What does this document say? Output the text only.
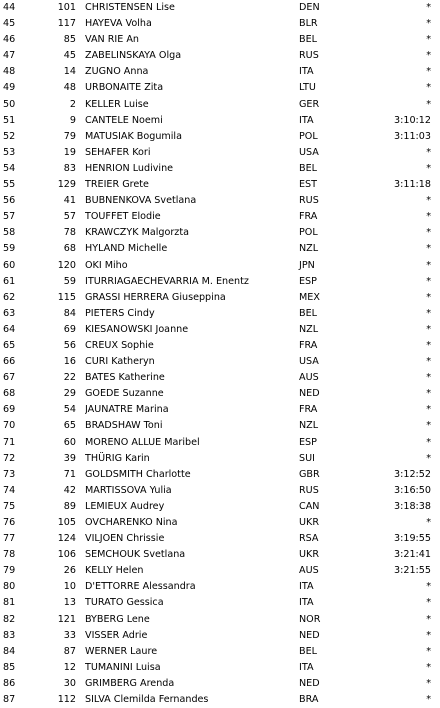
44	101 CHRISTENSEN Lise	DEN	*
45	117 HAYEVA Volha	BLR	*
46	85 VAN RIE An	BEL	*
47	45 ZABELINSKAYA Olga	RUS	*
48	14 ZUGNO Anna	ITA	*
49	48 URBONAITE Zita	LTU	*
50	2 KELLER Luise	GER	*
51	9 CANTELE Noemi	ITA	3:10:12
52	79 MATUSIAK Bogumila	POL	3:11:03
53	19 SEHAFER Kori	USA	*
54	83 HENRION Ludivine	BEL	*
55	129 TREIER Grete	EST	3:11:18
56	41 BUBNENKOVA Svetlana	RUS	*
57	57 TOUFFET Elodie	FRA	*
58	78 KRAWCZYK Malgorzta	POL	*
59	68 HYLAND Michelle	NZL	*
60	120 OKI Miho	JPN	*
61	59 ITURRIAGAECHEVARRIA M. Enentz	ESP	*
62	115 GRASSI HERRERA Giuseppina	MEX	*
63	84 PIETERS Cindy	BEL	*
64	69 KIESANOWSKI Joanne	NZL	*
65	56 CREUX Sophie	FRA	*
66	16 CURI Katheryn	USA	*
67	22 BATES Katherine	AUS	*
68	29 GOEDE Suzanne	NED	*
69	54 JAUNATRE Marina	FRA	*
70	65 BRADSHAW Toni	NZL	*
71	60 MORENO ALLUE Maribel	ESP	*
72	39 THÜRIG Karin	SUI	*
73	71 GOLDSMITH Charlotte	GBR	3:12:52
74	42 MARTISSOVA Yulia	RUS	3:16:50
75	89 LEMIEUX Audrey	CAN	3:18:38
76	105 OVCHARENKO Nina	UKR	*
77	124 VILJOEN Chrissie	RSA	3:19:55
78	106 SEMCHOUK Svetlana	UKR	3:21:41
79	26 KELLY Helen	AUS	3:21:55
80	10 D'ETTORRE Alessandra	ITA	*
81	13 TURATO Gessica	ITA	*
82	121 BYBERG Lene	NOR	*
83	33 VISSER Adrie	NED	*
84	87 WERNER Laure	BEL	*
85	12 TUMANINI Luisa	ITA	*
86	30 GRIMBERG Arenda	NED	*
87	112 SILVA Clemilda Fernandes	BRA	*
